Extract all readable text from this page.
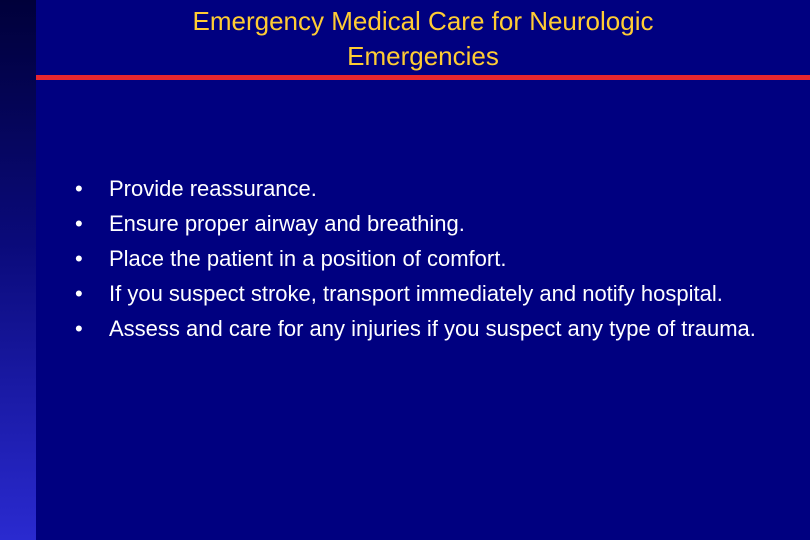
Emergency Medical Care for Neurologic
Emergencies
• Provide reassurance.
• Ensure proper airway and breathing.
• Place the patient in a position of comfort.
• If you suspect stroke, transport immediately and notify hospital.
• Assess and care for any injuries if you suspect any type of trauma.
